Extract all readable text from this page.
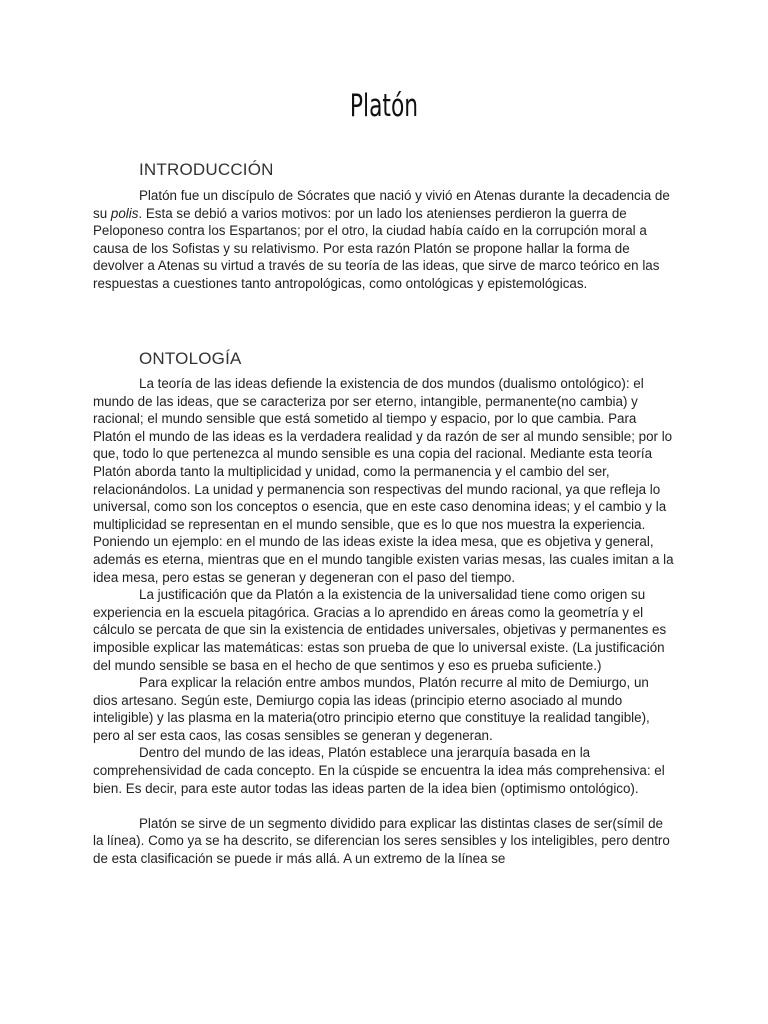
Platón
INTRODUCCIÓN

Platón fue un discípulo de Sócrates que nació y vivió en Atenas durante la decadencia de su polis. Esta se debió a varios motivos: por un lado los atenienses perdieron la guerra de Peloponeso contra los Espartanos; por el otro, la ciudad había caído en la corrupción moral a causa de los Sofistas y su relativismo. Por esta razón Platón se propone hallar la forma de devolver a Atenas su virtud a través de su teoría de las ideas, que sirve de marco teórico en las respuestas a cuestiones tanto antropológicas, como ontológicas y epistemológicas.

ONTOLOGÍA

La teoría de las ideas defiende la existencia de dos mundos (dualismo ontológico): el mundo de las ideas, que se caracteriza por ser eterno, intangible, permanente(no cambia) y racional; el mundo sensible que está sometido al tiempo y espacio, por lo que cambia. Para Platón el mundo de las ideas es la verdadera realidad y da razón de ser al mundo sensible; por lo que, todo lo que pertenezca al mundo sensible es una copia del racional. Mediante esta teoría Platón aborda tanto la multiplicidad y unidad, como la permanencia y el cambio del ser, relacionándolos. La unidad y permanencia son respectivas del mundo racional, ya que refleja lo universal, como son los conceptos o esencia, que en este caso denomina ideas; y el cambio y la multiplicidad se representan en el mundo sensible, que es lo que nos muestra la experiencia. Poniendo un ejemplo: en el mundo de las ideas existe la idea mesa, que es objetiva y general, además es eterna, mientras que en el mundo tangible existen varias mesas, las cuales imitan a la idea mesa, pero estas se generan y degeneran con el paso del tiempo.

La justificación que da Platón a la existencia de la universalidad tiene como origen su experiencia en la escuela pitagórica. Gracias a lo aprendido en áreas como la geometría y el cálculo se percata de que sin la existencia de entidades universales, objetivas y permanentes es imposible explicar las matemáticas: estas son prueba de que lo universal existe. (La justificación del mundo sensible se basa en el hecho de que sentimos y eso es prueba suficiente.)

Para explicar la relación entre ambos mundos, Platón recurre al mito de Demiurgo, un dios artesano. Según este, Demiurgo copia las ideas (principio eterno asociado al mundo inteligible) y las plasma en la materia(otro principio eterno que constituye la realidad tangible), pero al ser esta caos, las cosas sensibles se generan y degeneran.

Dentro del mundo de las ideas, Platón establece una jerarquía basada en la comprehensividad de cada concepto. En la cúspide se encuentra la idea más comprehensiva: el bien. Es decir, para este autor todas las ideas parten de la idea bien (optimismo ontológico).

Platón se sirve de un segmento dividido para explicar las distintas clases de ser(símil de la línea). Como ya se ha descrito, se diferencian los seres sensibles y los inteligibles, pero dentro de esta clasificación se puede ir más allá. A un extremo de la línea se
